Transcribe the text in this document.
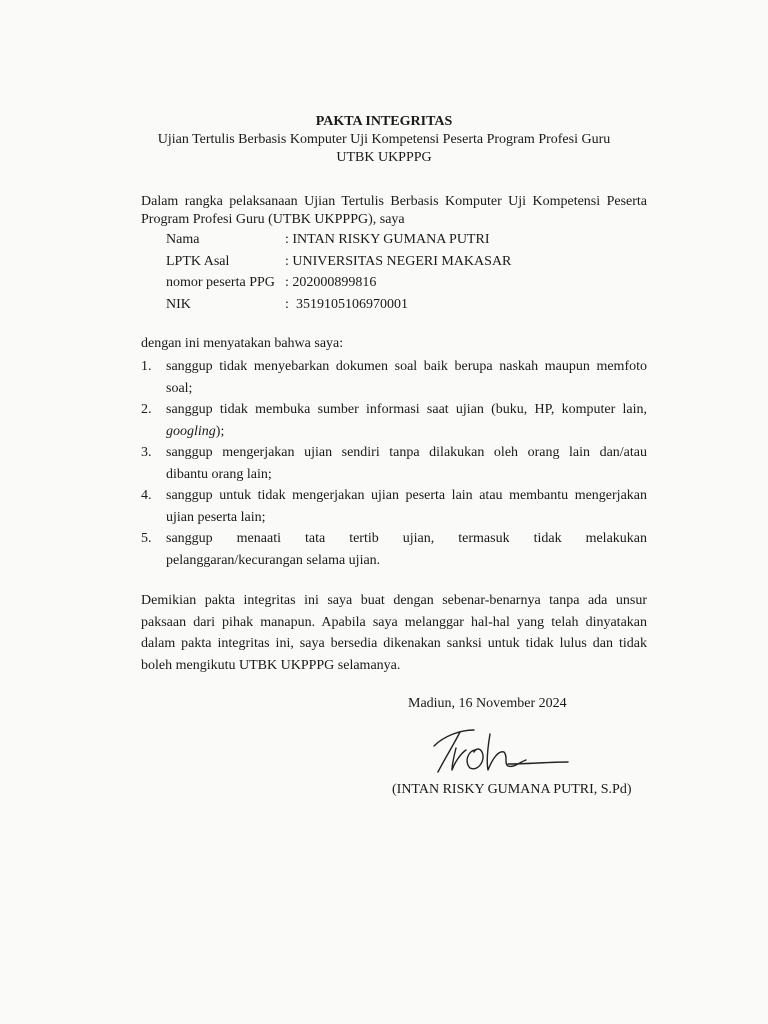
PAKTA INTEGRITAS
Ujian Tertulis Berbasis Komputer Uji Kompetensi Peserta Program Profesi Guru
UTBK UKPPPG
Dalam rangka pelaksanaan Ujian Tertulis Berbasis Komputer Uji Kompetensi Peserta
Program Profesi Guru (UTBK UKPPPG), saya
Nama	: INTAN RISKY GUMANA PUTRI
LPTK Asal	: UNIVERSITAS NEGERI MAKASAR
nomor peserta PPG : 202000899816
NIK	: 3519105106970001
dengan ini menyatakan bahwa saya:
1. sanggup tidak menyebarkan dokumen soal baik berupa naskah maupun memfoto
soal;
2. sanggup tidak membuka sumber informasi saat ujian (buku, HP, komputer lain,
googling);
3. sanggup mengerjakan ujian sendiri tanpa dilakukan oleh orang lain dan/atau
dibantu orang lain;
4. sanggup untuk tidak mengerjakan ujian peserta lain atau membantu mengerjakan
ujian peserta lain;
5. sanggup menaati tata tertib ujian, termasuk tidak melakukan
pelanggaran/kecurangan selama ujian.
Demikian pakta integritas ini saya buat dengan sebenar-benarnya tanpa ada unsur
paksaan dari pihak manapun. Apabila saya melanggar hal-hal yang telah dinyatakan
dalam pakta integritas ini, saya bersedia dikenakan sanksi untuk tidak lulus dan tidak
boleh mengikutu UTBK UKPPPG selamanya.
Madiun, 16 November 2024
(INTAN RISKY GUMANA PUTRI, S.Pd)
